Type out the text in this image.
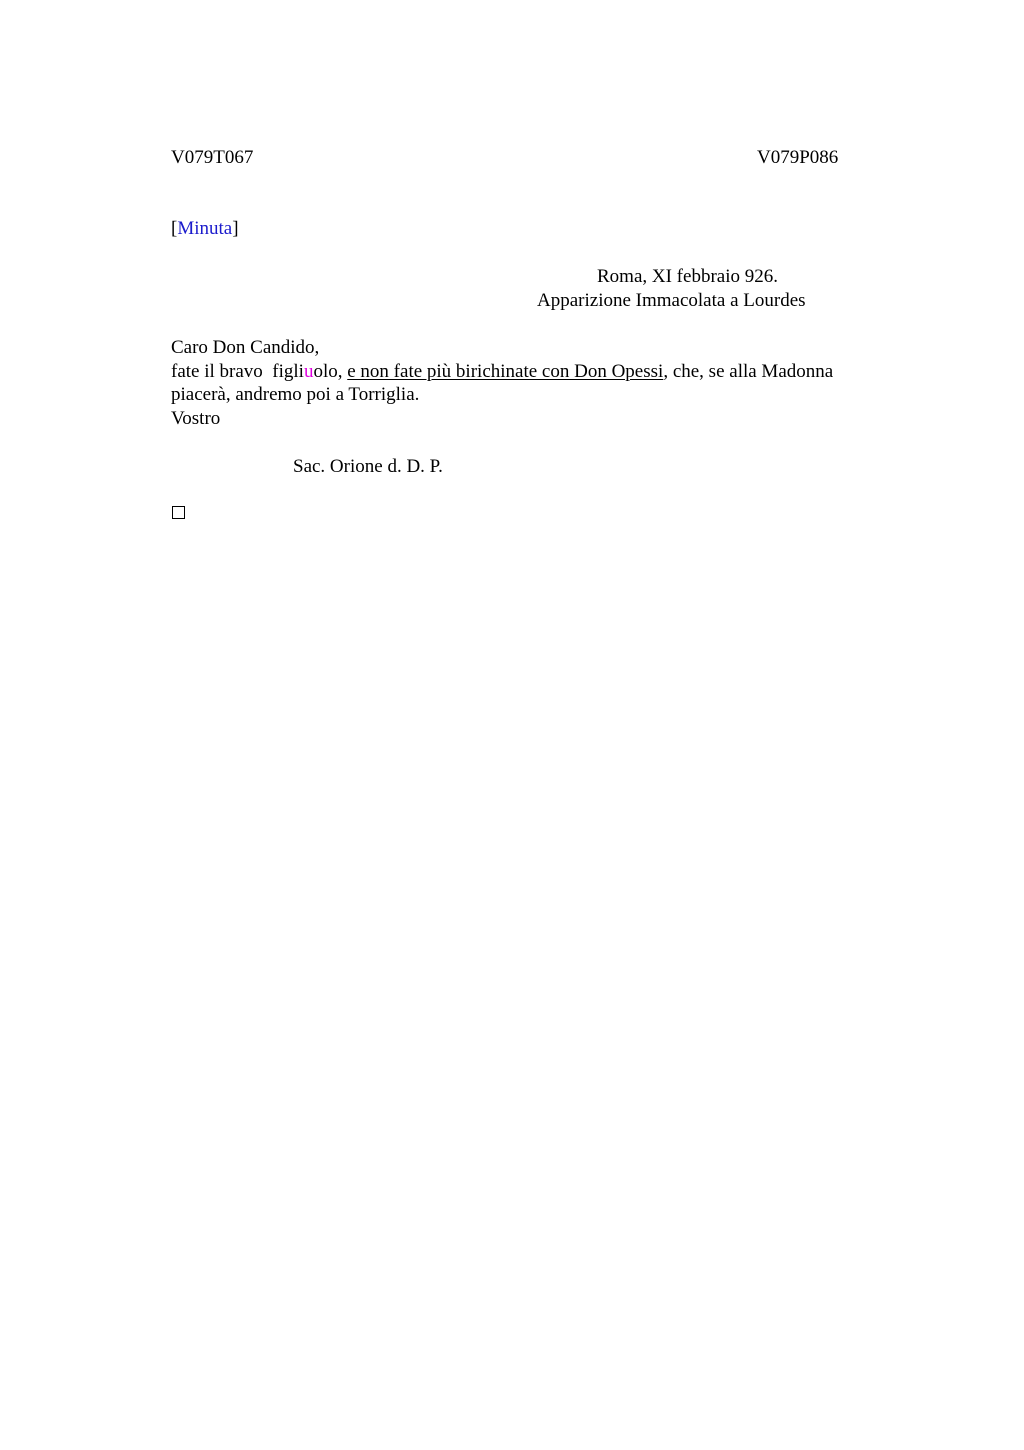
V079T067	V079P086
[Minuta]
Roma, XI febbraio 926.
Apparizione Immacolata a Lourdes
Caro Don Candido,
fate il bravo  figliuolo, e non fate più birichinate con Don Opessi, che, se alla Madonna
piacerà, andremo poi a Torriglia.
Vostro
Sac. Orione d. D. P.
